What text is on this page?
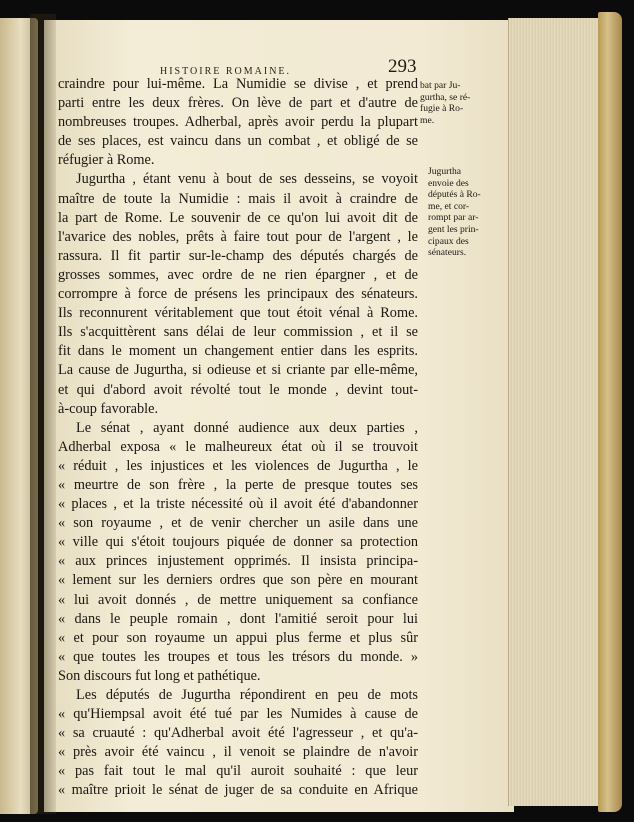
HISTOIRE ROMAINE.	293
craindre pour lui-même. La Numidie se divise , et prend
parti entre les deux frères. On lève de part et d'autre de
nombreuses troupes. Adherbal, après avoir perdu la plupart
de ses places, est vaincu dans un combat , et obligé de se
réfugier à Rome.
Jugurtha , étant venu à bout de ses desseins, se voyoit
maître de toute la Numidie : mais il avoit à craindre de
la part de Rome. Le souvenir de ce qu'on lui avoit dit de
l'avarice des nobles, prêts à faire tout pour de l'argent , le
rassura. Il fit partir sur-le-champ des députés chargés de
grosses sommes, avec ordre de ne rien épargner , et de
corrompre à force de présens les principaux des sénateurs.
Ils reconnurent véritablement que tout étoit vénal à Rome.
Ils s'acquittèrent sans délai de leur commission , et il se
fit dans le moment un changement entier dans les esprits.
La cause de Jugurtha, si odieuse et si criante par elle-même,
et qui d'abord avoit révolté tout le monde , devint tout-
à-coup favorable.
Le sénat , ayant donné audience aux deux parties ,
Adherbal exposa « le malheureux état où il se trouvoit
« réduit , les injustices et les violences de Jugurtha , le
« meurtre de son frère , la perte de presque toutes ses
« places , et la triste nécessité où il avoit été d'abandonner
« son royaume , et de venir chercher un asile dans une
« ville qui s'étoit toujours piquée de donner sa protection
« aux princes injustement opprimés. Il insista principa-
« lement sur les derniers ordres que son père en mourant
« lui avoit donnés , de mettre uniquement sa confiance
« dans le peuple romain , dont l'amitié seroit pour lui
« et pour son royaume un appui plus ferme et plus sûr
« que toutes les troupes et tous les trésors du monde. »
Son discours fut long et pathétique.
Les députés de Jugurtha répondirent en peu de mots
« qu'Hiempsal avoit été tué par les Numides à cause de
« sa cruauté : qu'Adherbal avoit été l'agresseur , et qu'a-
« près avoir été vaincu , il venoit se plaindre de n'avoir
« pas fait tout le mal qu'il auroit souhaité : que leur
« maître prioit le sénat de juger de sa conduite en Afrique
bat par Ju-
gurtha, se ré-
fugie à Ro-
me.
Jugurtha
envoie des
députés à Ro-
me, et cor-
rompt par ar-
gent les prin-
cipaux des
sénateurs.
